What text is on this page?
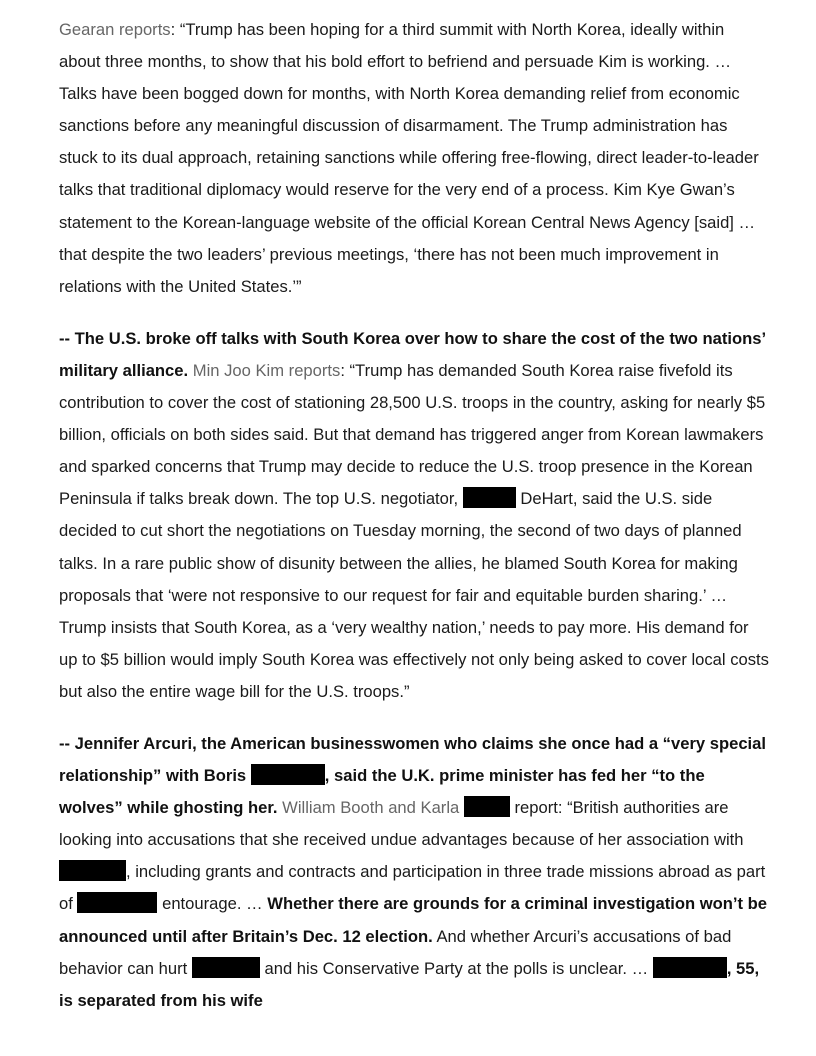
Gearan reports: “Trump has been hoping for a third summit with North Korea, ideally within about three months, to show that his bold effort to befriend and persuade Kim is working. … Talks have been bogged down for months, with North Korea demanding relief from economic sanctions before any meaningful discussion of disarmament. The Trump administration has stuck to its dual approach, retaining sanctions while offering free-flowing, direct leader-to-leader talks that traditional diplomacy would reserve for the very end of a process. Kim Kye Gwan’s statement to the Korean-language website of the official Korean Central News Agency [said] … that despite the two leaders’ previous meetings, ‘there has not been much improvement in relations with the United States.’”

-- The U.S. broke off talks with South Korea over how to share the cost of the two nations’ military alliance. Min Joo Kim reports: “Trump has demanded South Korea raise fivefold its contribution to cover the cost of stationing 28,500 U.S. troops in the country, asking for nearly $5 billion, officials on both sides said. But that demand has triggered anger from Korean lawmakers and sparked concerns that Trump may decide to reduce the U.S. troop presence in the Korean Peninsula if talks break down. The top U.S. negotiator,	DeHart, said the U.S. side decided to cut short the negotiations on Tuesday morning, the second of two days of planned talks. In a rare public show of disunity between the allies, he blamed South Korea for making proposals that ‘were not responsive to our request for fair and equitable burden sharing.’ … Trump insists that South Korea, as a ‘very wealthy nation,’ needs to pay more. His demand for up to $5 billion would imply South Korea was effectively not only being asked to cover local costs but also the entire wage bill for the U.S. troops.”

-- Jennifer Arcuri, the American businesswomen who claims she once had a “very special relationship” with Boris	, said the U.K. prime minister has fed her “to the wolves” while ghosting her. William Booth and Karla	report: “British authorities are looking into accusations that she received undue advantages because of her association with , including grants and contracts and participation in three trade missions abroad as part of	entourage. … Whether there are grounds for a criminal investigation won’t be announced until after Britain’s Dec. 12 election. And whether Arcuri’s accusations of bad behavior can hurt	and his Conservative Party at the polls is unclear. …	, 55, is separated from his wife
